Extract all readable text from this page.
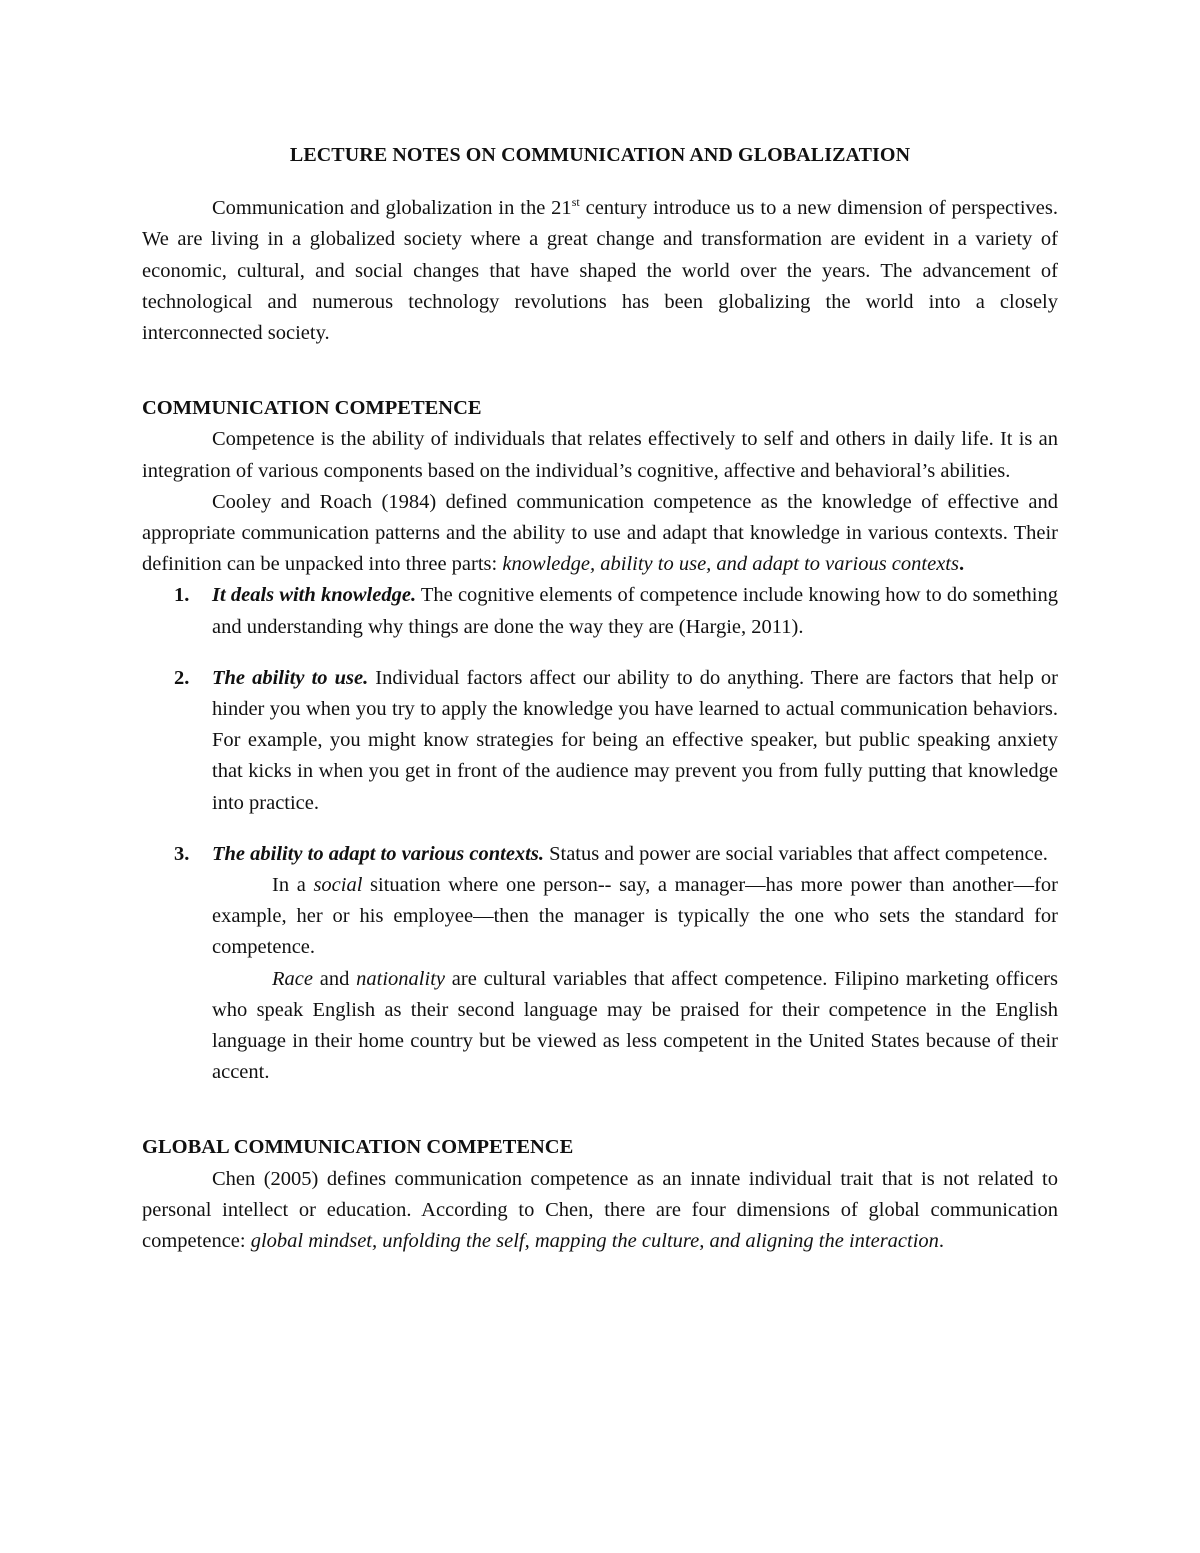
LECTURE NOTES ON COMMUNICATION AND GLOBALIZATION

Communication and globalization in the 21st century introduce us to a new dimension of perspectives. We are living in a globalized society where a great change and transformation are evident in a variety of economic, cultural, and social changes that have shaped the world over the years. The advancement of technological and numerous technology revolutions has been globalizing the world into a closely interconnected society.

COMMUNICATION COMPETENCE

Competence is the ability of individuals that relates effectively to self and others in daily life. It is an integration of various components based on the individual’s cognitive, affective and behavioral’s abilities.

Cooley and Roach (1984) defined communication competence as the knowledge of effective and appropriate communication patterns and the ability to use and adapt that knowledge in various contexts. Their definition can be unpacked into three parts: knowledge, ability to use, and adapt to various contexts.

1. It deals with knowledge. The cognitive elements of competence include knowing how to do something and understanding why things are done the way they are (Hargie, 2011).
2. The ability to use. Individual factors affect our ability to do anything. There are factors that help or hinder you when you try to apply the knowledge you have learned to actual communication behaviors. For example, you might know strategies for being an effective speaker, but public speaking anxiety that kicks in when you get in front of the audience may prevent you from fully putting that knowledge into practice.
3. The ability to adapt to various contexts. Status and power are social variables that affect competence.

In a social situation where one person-- say, a manager—has more power than another—for example, her or his employee—then the manager is typically the one who sets the standard for competence.

Race and nationality are cultural variables that affect competence. Filipino marketing officers who speak English as their second language may be praised for their competence in the English language in their home country but be viewed as less competent in the United States because of their accent.

GLOBAL COMMUNICATION COMPETENCE

Chen (2005) defines communication competence as an innate individual trait that is not related to personal intellect or education. According to Chen, there are four dimensions of global communication competence: global mindset, unfolding the self, mapping the culture, and aligning the interaction.
